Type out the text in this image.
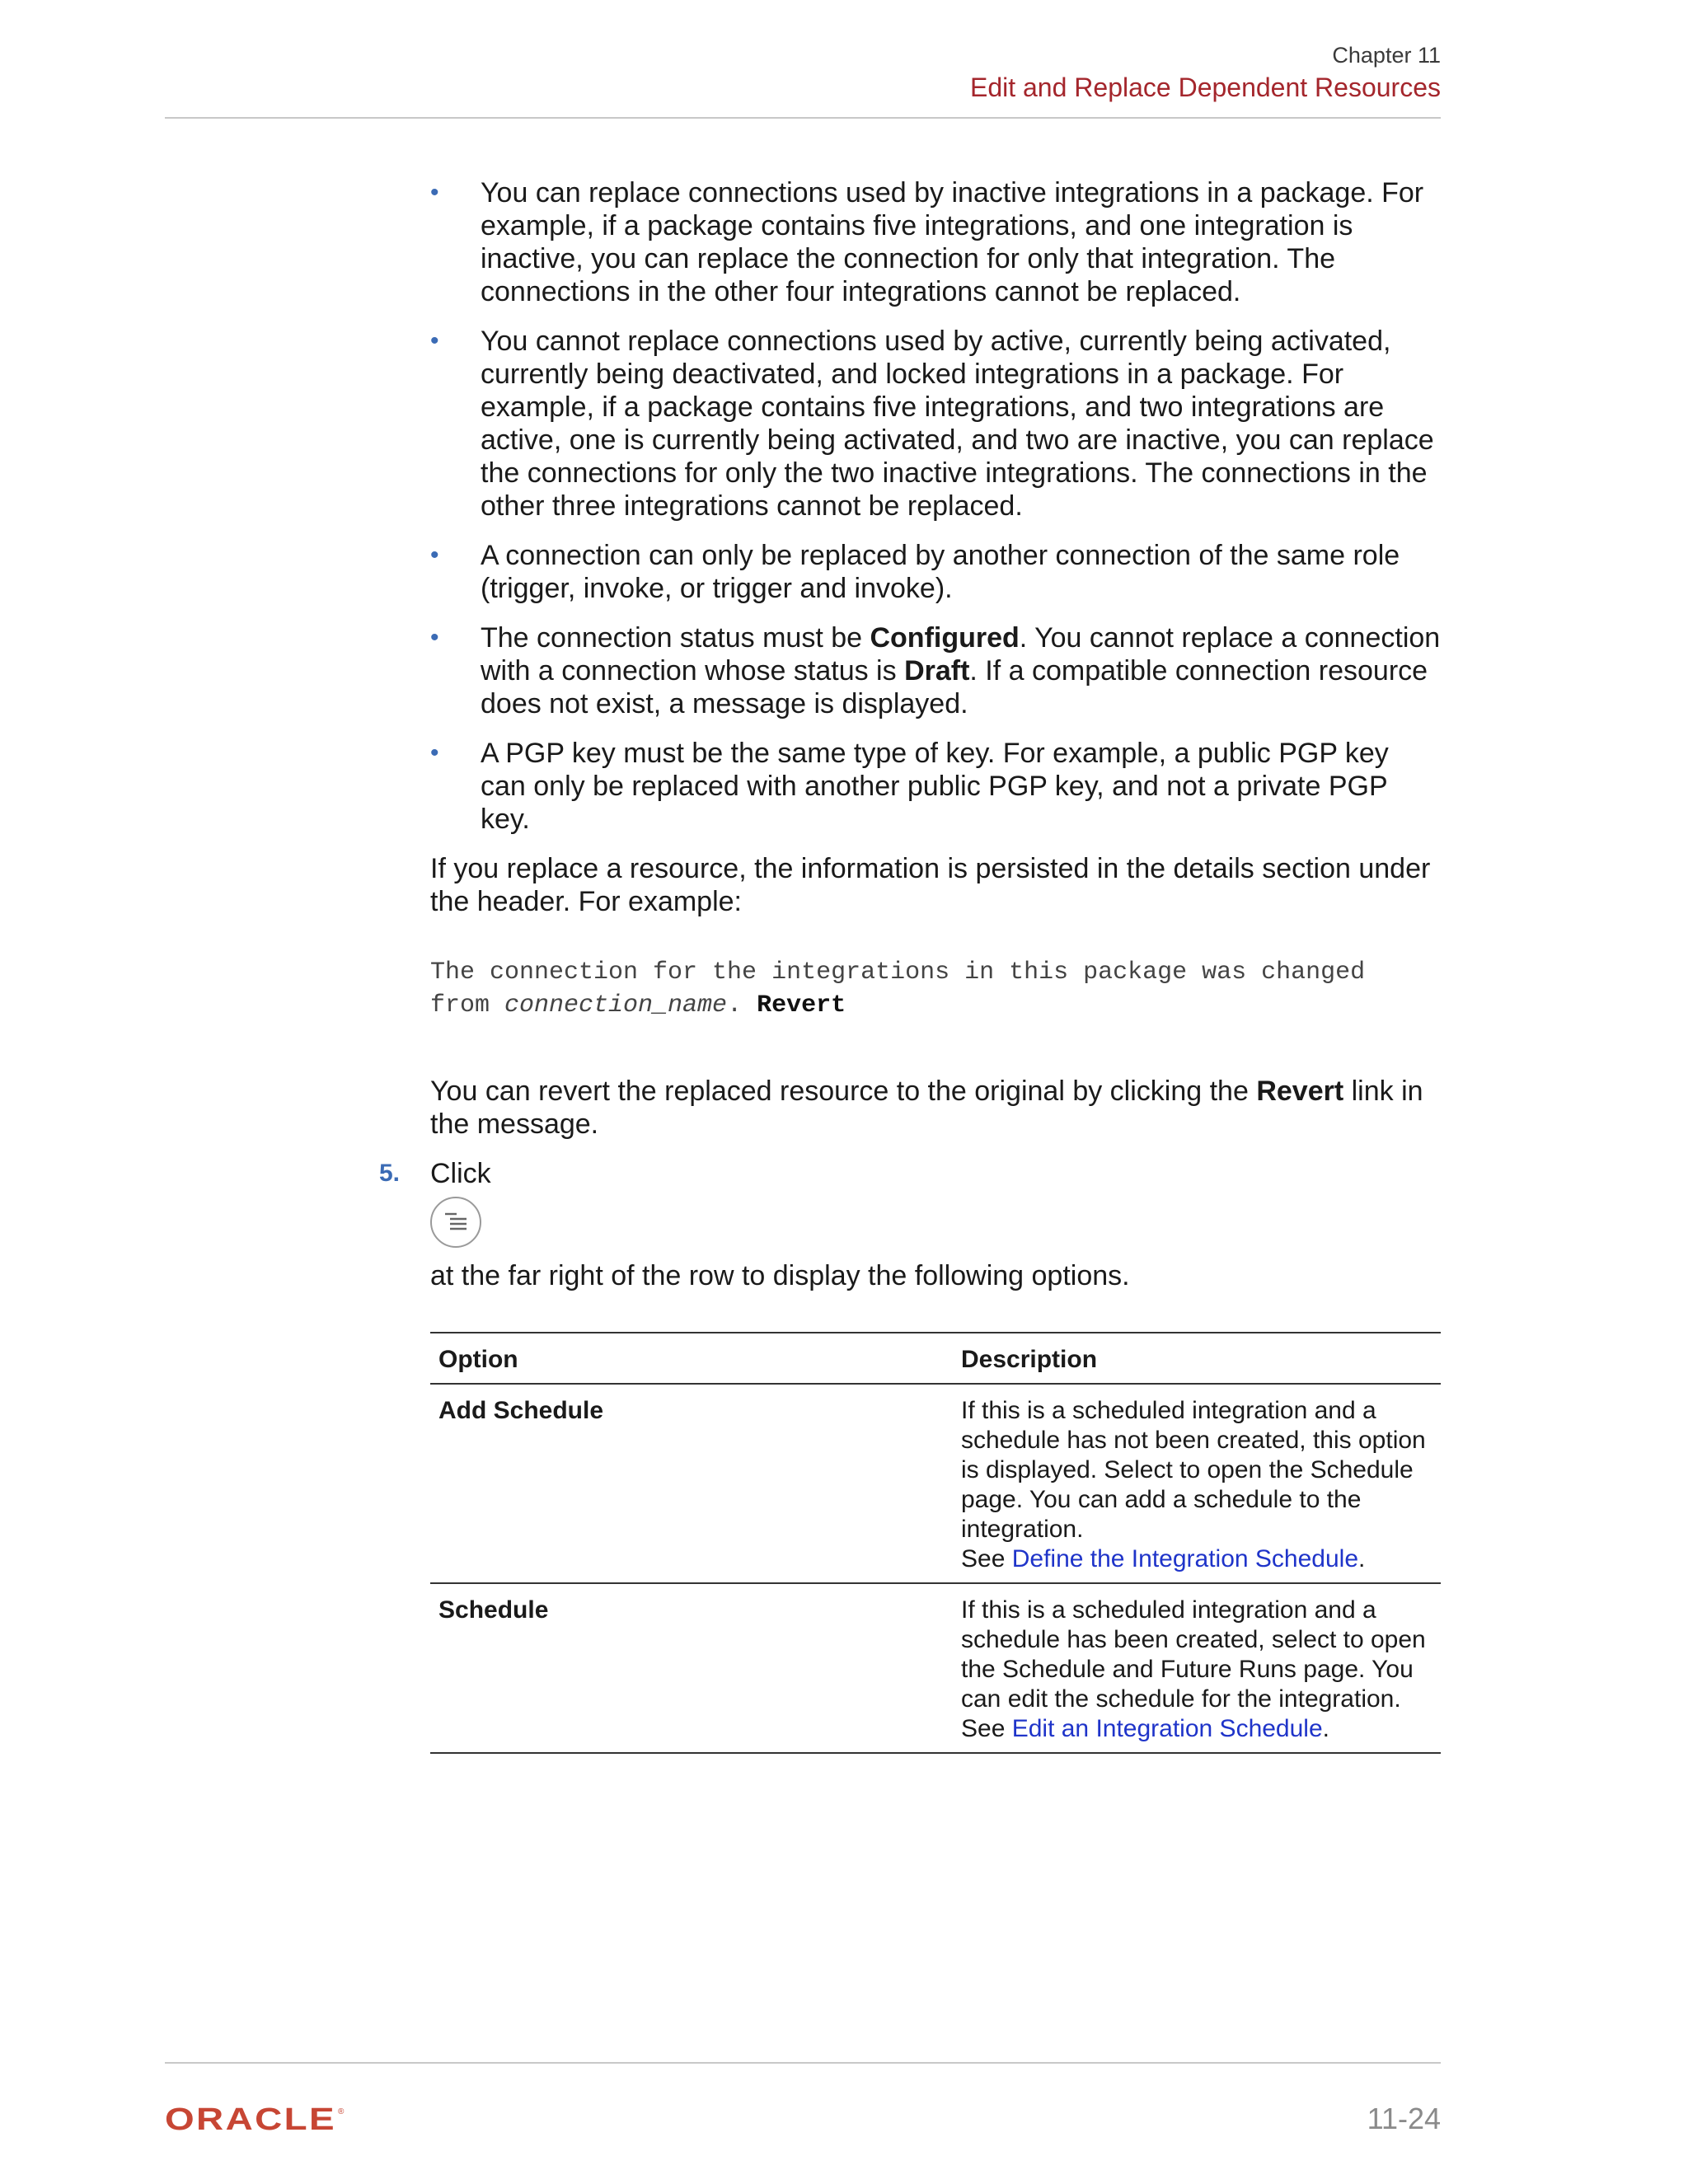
Chapter 11
Edit and Replace Dependent Resources
• You can replace connections used by inactive integrations in a package. For example, if a package contains five integrations, and one integration is inactive, you can replace the connection for only that integration. The connections in the other four integrations cannot be replaced.
• You cannot replace connections used by active, currently being activated, currently being deactivated, and locked integrations in a package. For example, if a package contains five integrations, and two integrations are active, one is currently being activated, and two are inactive, you can replace the connections for only the two inactive integrations. The connections in the other three integrations cannot be replaced.
• A connection can only be replaced by another connection of the same role (trigger, invoke, or trigger and invoke).
• The connection status must be Configured. You cannot replace a connection with a connection whose status is Draft. If a compatible connection resource does not exist, a message is displayed.
• A PGP key must be the same type of key. For example, a public PGP key can only be replaced with another public PGP key, and not a private PGP key.

If you replace a resource, the information is persisted in the details section under the header. For example:

The connection for the integrations in this package was changed
from connection_name. Revert

You can revert the replaced resource to the original by clicking the Revert link in the message.

5. Click
at the far right of the row to display the following options.
Option	Description
Add Schedule	If this is a scheduled integration and a schedule has not been created, this option is displayed. Select to open the Schedule page. You can add a schedule to the integration.
See Define the Integration Schedule.
Schedule	If this is a scheduled integration and a schedule has been created, select to open the Schedule and Future Runs page. You can edit the schedule for the integration.
See Edit an Integration Schedule.
ORACLE ®	11-24
